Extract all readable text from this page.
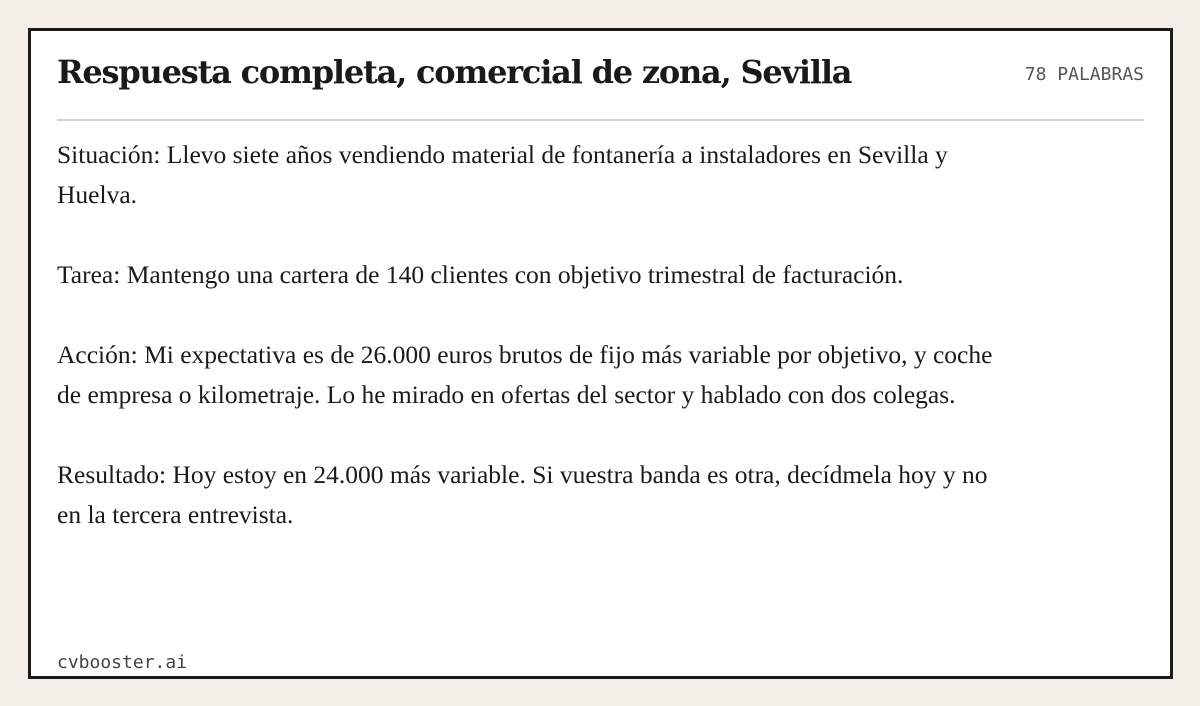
Respuesta completa, comercial de zona, Sevilla	78 PALABRAS

Situación: Llevo siete años vendiendo material de fontanería a instaladores en Sevilla y Huelva.

Tarea: Mantengo una cartera de 140 clientes con objetivo trimestral de facturación.

Acción: Mi expectativa es de 26.000 euros brutos de fijo más variable por objetivo, y coche de empresa o kilometraje. Lo he mirado en ofertas del sector y hablado con dos colegas.

Resultado: Hoy estoy en 24.000 más variable. Si vuestra banda es otra, decídmela hoy y no en la tercera entrevista.

cvbooster.ai
